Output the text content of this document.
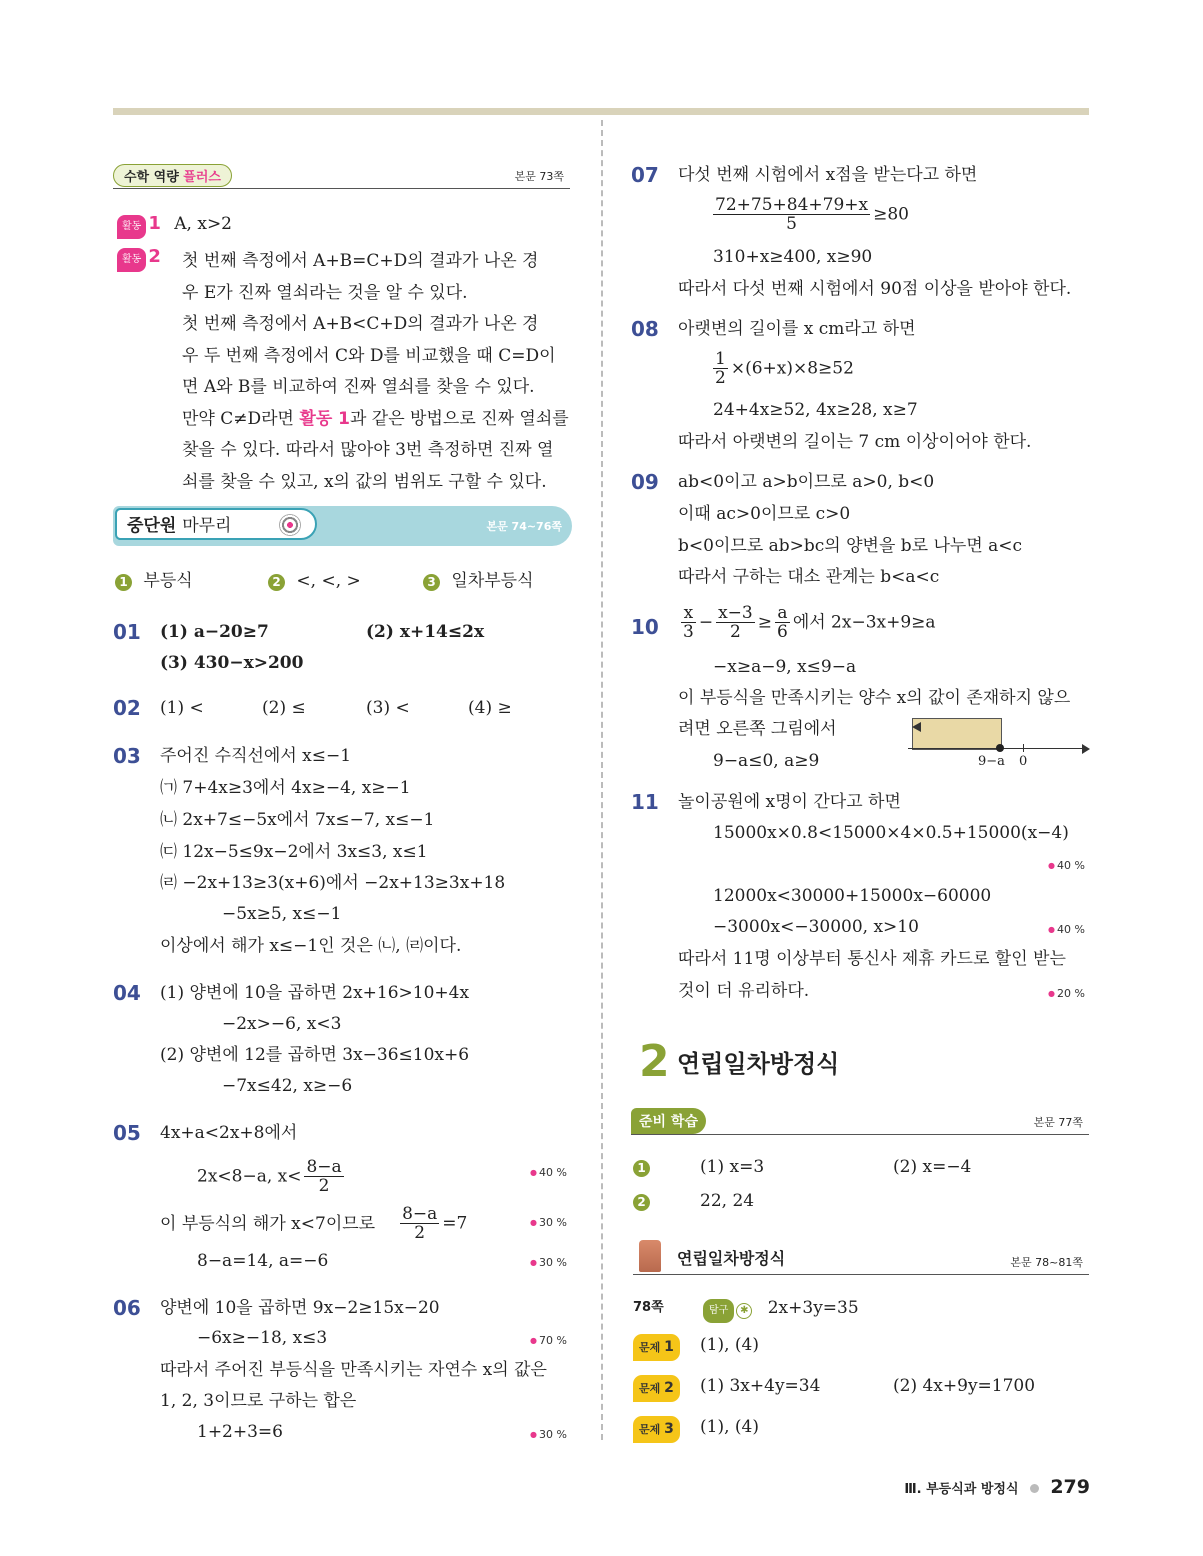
수학 역량 플러스	본문 73쪽
활동 1 A, x>2
활동 2 첫 번째 측정에서 A+B=C+D의 결과가 나온 경
우 E가 진짜 열쇠라는 것을 알 수 있다.
첫 번째 측정에서 A+B<C+D의 결과가 나온 경
우 두 번째 측정에서 C와 D를 비교했을 때 C=D이
면 A와 B를 비교하여 진짜 열쇠를 찾을 수 있다.
만약 C≠D라면 활동 1과 같은 방법으로 진짜 열쇠를
찾을 수 있다. 따라서 많아야 3번 측정하면 진짜 열
쇠를 찾을 수 있고, x의 값의 범위도 구할 수 있다.
중단원 마무리	본문 74~76쪽
1 부등식	2 <, <, >	3 일차부등식
01 (1) a−20≥7	(2) x+14≤2x
(3) 430−x>200
02 (1) <	(2) ≤	(3) <	(4) ≥
03 주어진 수직선에서 x≤−1
㈀ 7+4x≥3에서 4x≥−4, x≥−1
㈁ 2x+7≤−5x에서 7x≤−7, x≤−1
㈂ 12x−5≤9x−2에서 3x≤3, x≤1
㈃ −2x+13≥3(x+6)에서 −2x+13≥3x+18
−5x≥5, x≤−1
이상에서 해가 x≤−1인 것은 ㈁, ㈃이다.
04 (1) 양변에 10을 곱하면 2x+16>10+4x
−2x>−6, x<3
(2) 양변에 12를 곱하면 3x−36≤10x+6
−7x≤42, x≥−6
05 4x+a<2x+8에서
2x<8−a, $x< \frac{8-a}{2}$	● 40 %
이 부등식의 해가 x<7이므로 $\frac{8-a}{2} =7$	● 30 %
8−a=14, a=−6	● 30 %
06 양변에 10을 곱하면 9x−2≥15x−20
−6x≥−18, x≤3	● 70 %
따라서 주어진 부등식을 만족시키는 자연수 x의 값은
1, 2, 3이므로 구하는 합은
1+2+3=6	● 30 %
07 다섯 번째 시험에서 x점을 받는다고 하면
$\frac{72+75+84+79+x}{5} \ge 80$
310+x≥400, x≥90
따라서 다섯 번째 시험에서 90점 이상을 받아야 한다.
08 아랫변의 길이를 x cm라고 하면
$\frac{1}{2} \times(6+x)\times 8\ge 52$
24+4x≥52, 4x≥28, x≥7
따라서 아랫변의 길이는 7 cm 이상이어야 한다.
09 ab<0이고 a>b이므로 a>0, b<0
이때 ac>0이므로 c>0
b<0이므로 ab>bc의 양변을 b로 나누면 a<c
따라서 구하는 대소 관계는 b<a<c
$10 \frac{x}{3} - \frac{x-3}{2} \ge \frac{a}{6}$ 에서 2x−3x+9≥a
−x≥a−9, x≤9−a
이 부등식을 만족시키는 양수 x의 값이 존재하지 않으
려면 오른쪽 그림에서
9−a≤0, a≥9	9−a 0
11 놀이공원에 x명이 간다고 하면
15000x×0.8<15000×4×0.5+15000(x−4)
● 40 %
12000x<30000+15000x−60000
−3000x<−30000, x>10	● 40 %
따라서 11명 이상부터 통신사 제휴 카드로 할인 받는
것이 더 유리하다.	● 20 %
2 연립일차방정식
준비 학습	본문 77쪽
1	(1) x=3	(2) x=−4
2	22, 24
연립일차방정식	본문 78~81쪽
78쪽	탐구 ✱ 2x+3y=35
문제 1	(1), (4)
문제 2	(1) 3x+4y=34	(2) 4x+9y=1700
문제 3	(1), (4)
Ⅲ. 부등식과 방정식 279
